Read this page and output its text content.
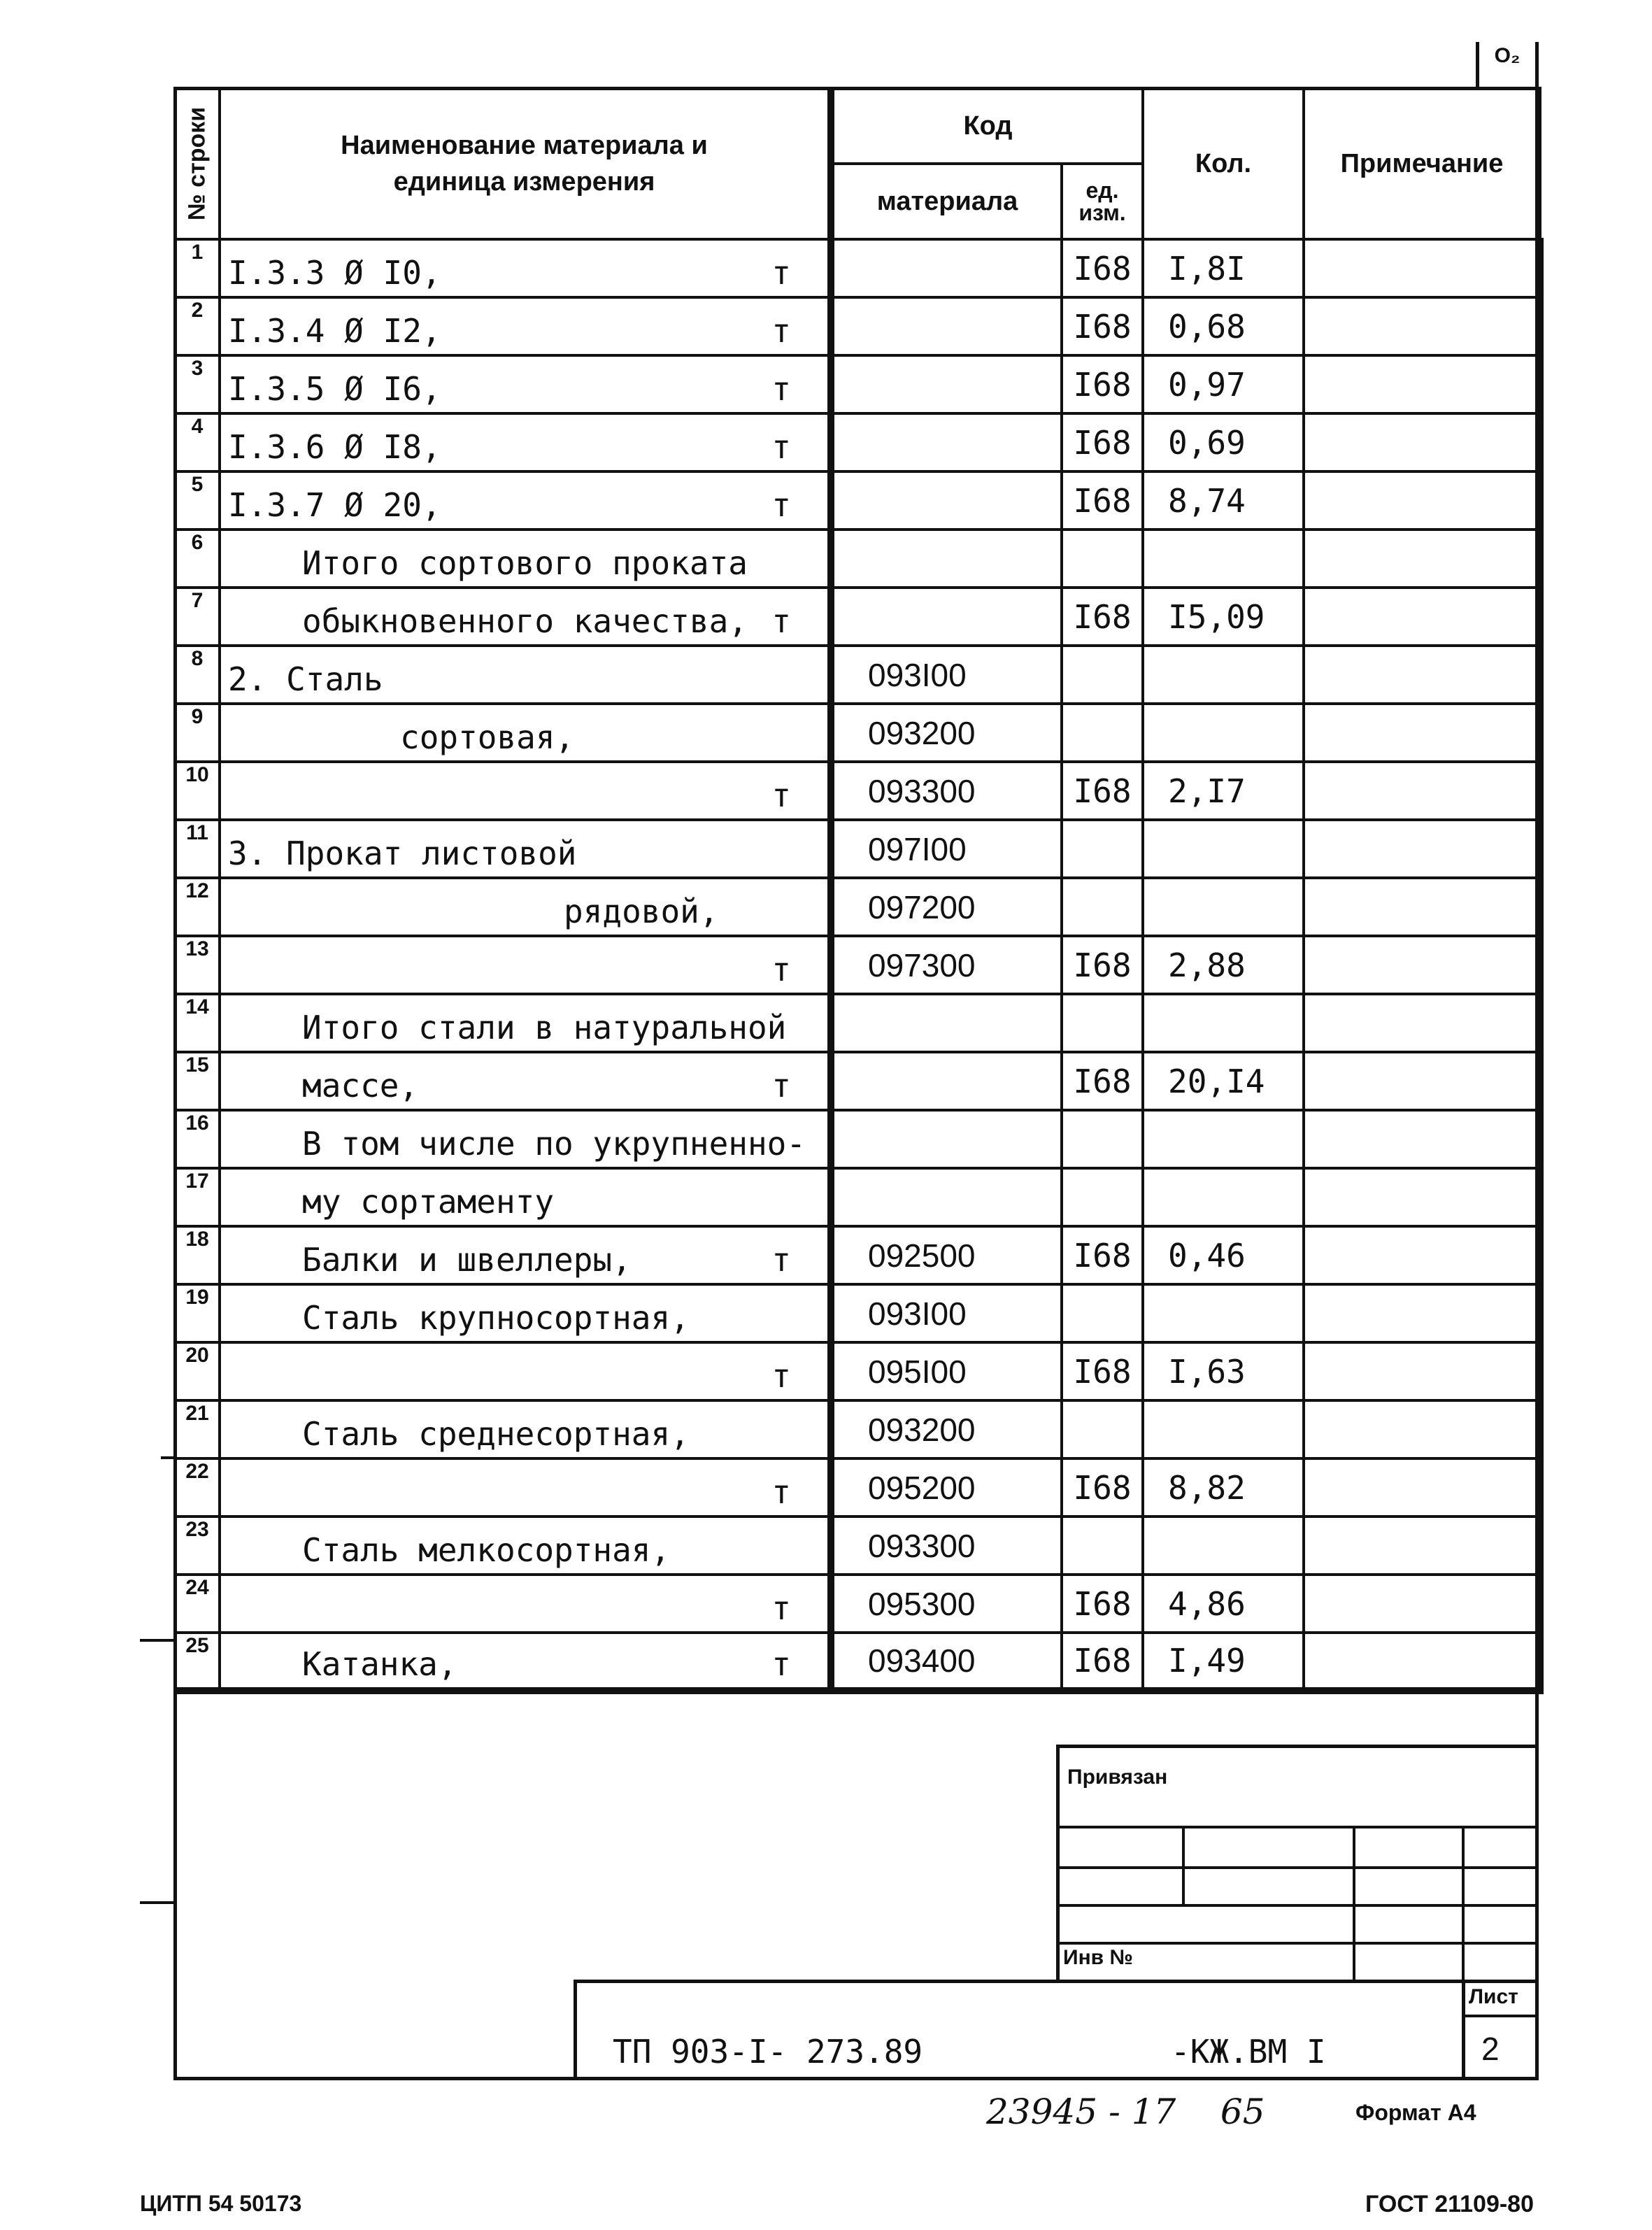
О₂
№ строки	Наименование материала и единица измерения	Код		Кол.	Примечание
		материала	ед. изм.		
1	I.3.3 Ø I0, т		I68	I,8I	
2	I.3.4 Ø I2, т		I68	0,68	
3	I.3.5 Ø I6, т		I68	0,97	
4	I.3.6 Ø I8, т		I68	0,69	
5	I.3.7 Ø 20, т		I68	8,74	
6	Итого сортового проката				

7	обыкновенного качества, т		I68	I5,09	
8	2. Сталь	093I00			
9	сортовая,	093200			
10	т	093300	I68	2,I7	
11	3. Прокат листовой	097I00			
12	рядовой,	097200			
13	т	097300	I68	2,88	
14	Итого стали в натуральной				

15	массе, т		I68	20,I4	
16	В том числе по укрупненно-				

17	му сортаменту				

18	Балки и швеллеры, т	092500	I68	0,46	
19	Сталь крупносортная,	093I00			
20	т	095I00	I68	I,63	
21	Сталь среднесортная,	093200			
22	т	095200	I68	8,82	
23	Сталь мелкосортная,	093300			
24	т	095300	I68	4,86	
25	Катанка, т	093400	I68	I,49	
Привязан
Инв №
ТП 903-I- 273.89	-КЖ.ВМ I
Лист
2
23945 - 17    65	Формат А4
ЦИТП 54 50173	ГОСТ 21109-80
